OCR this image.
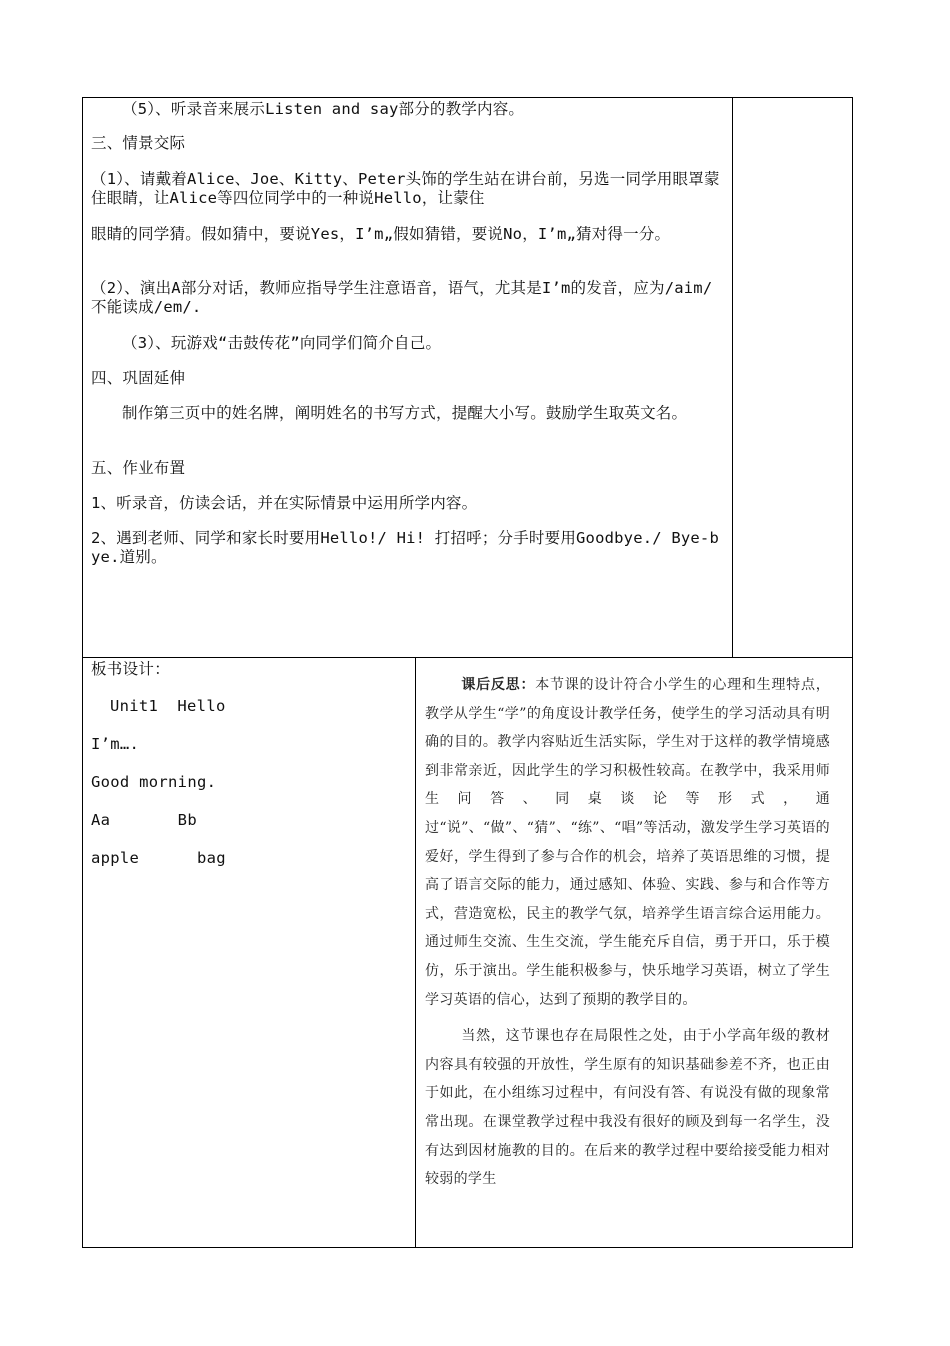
（5）、听录音来展示Listen and say部分的教学内容。
三、情景交际
（1）、请戴着Alice、Joe、Kitty、Peter头饰的学生站在讲台前，另选一同学用眼罩蒙住眼睛，让Alice等四位同学中的一种说Hello，让蒙住
眼睛的同学猜。假如猜中，要说Yes，I’m„假如猜错，要说No，I’m„猜对得一分。
（2）、演出A部分对话，教师应指导学生注意语音，语气，尤其是I’m的发音，应为/aim/ 不能读成/em/.
（3）、玩游戏“击鼓传花”向同学们简介自己。
四、巩固延伸
制作第三页中的姓名牌，阐明姓名的书写方式，提醒大小写。鼓励学生取英文名。
五、作业布置
1、听录音，仿读会话，并在实际情景中运用所学内容。
2、遇到老师、同学和家长时要用Hello!/ Hi! 打招呼；分手时要用Goodbye./ Bye-bye.道别。
板书设计：
Unit1  Hello
I’m….
Good morning.
Aa       Bb
apple      bag

课后反思：本节课的设计符合小学生的心理和生理特点，教学从学生“学”的角度设计教学任务，使学生的学习活动具有明确的目的。教学内容贴近生活实际，学生对于这样的教学情境感到非常亲近，因此学生的学习积极性较高。在教学中，我采用师生问答、同桌谈论等形式，通过“说”、“做”、“猜”、“练”、“唱”等活动，激发学生学习英语的爱好，学生得到了参与合作的机会，培养了英语思维的习惯，提高了语言交际的能力，通过感知、体验、实践、参与和合作等方式，营造宽松，民主的教学气氛，培养学生语言综合运用能力。通过师生交流、生生交流，学生能充斥自信，勇于开口，乐于模仿，乐于演出。学生能积极参与，快乐地学习英语，树立了学生学习英语的信心，达到了预期的教学目的。

当然，这节课也存在局限性之处，由于小学高年级的教材内容具有较强的开放性，学生原有的知识基础参差不齐，也正由于如此，在小组练习过程中，有问没有答、有说没有做的现象常常出现。在课堂教学过程中我没有很好的顾及到每一名学生，没有达到因材施教的目的。在后来的教学过程中要给接受能力相对较弱的学生
